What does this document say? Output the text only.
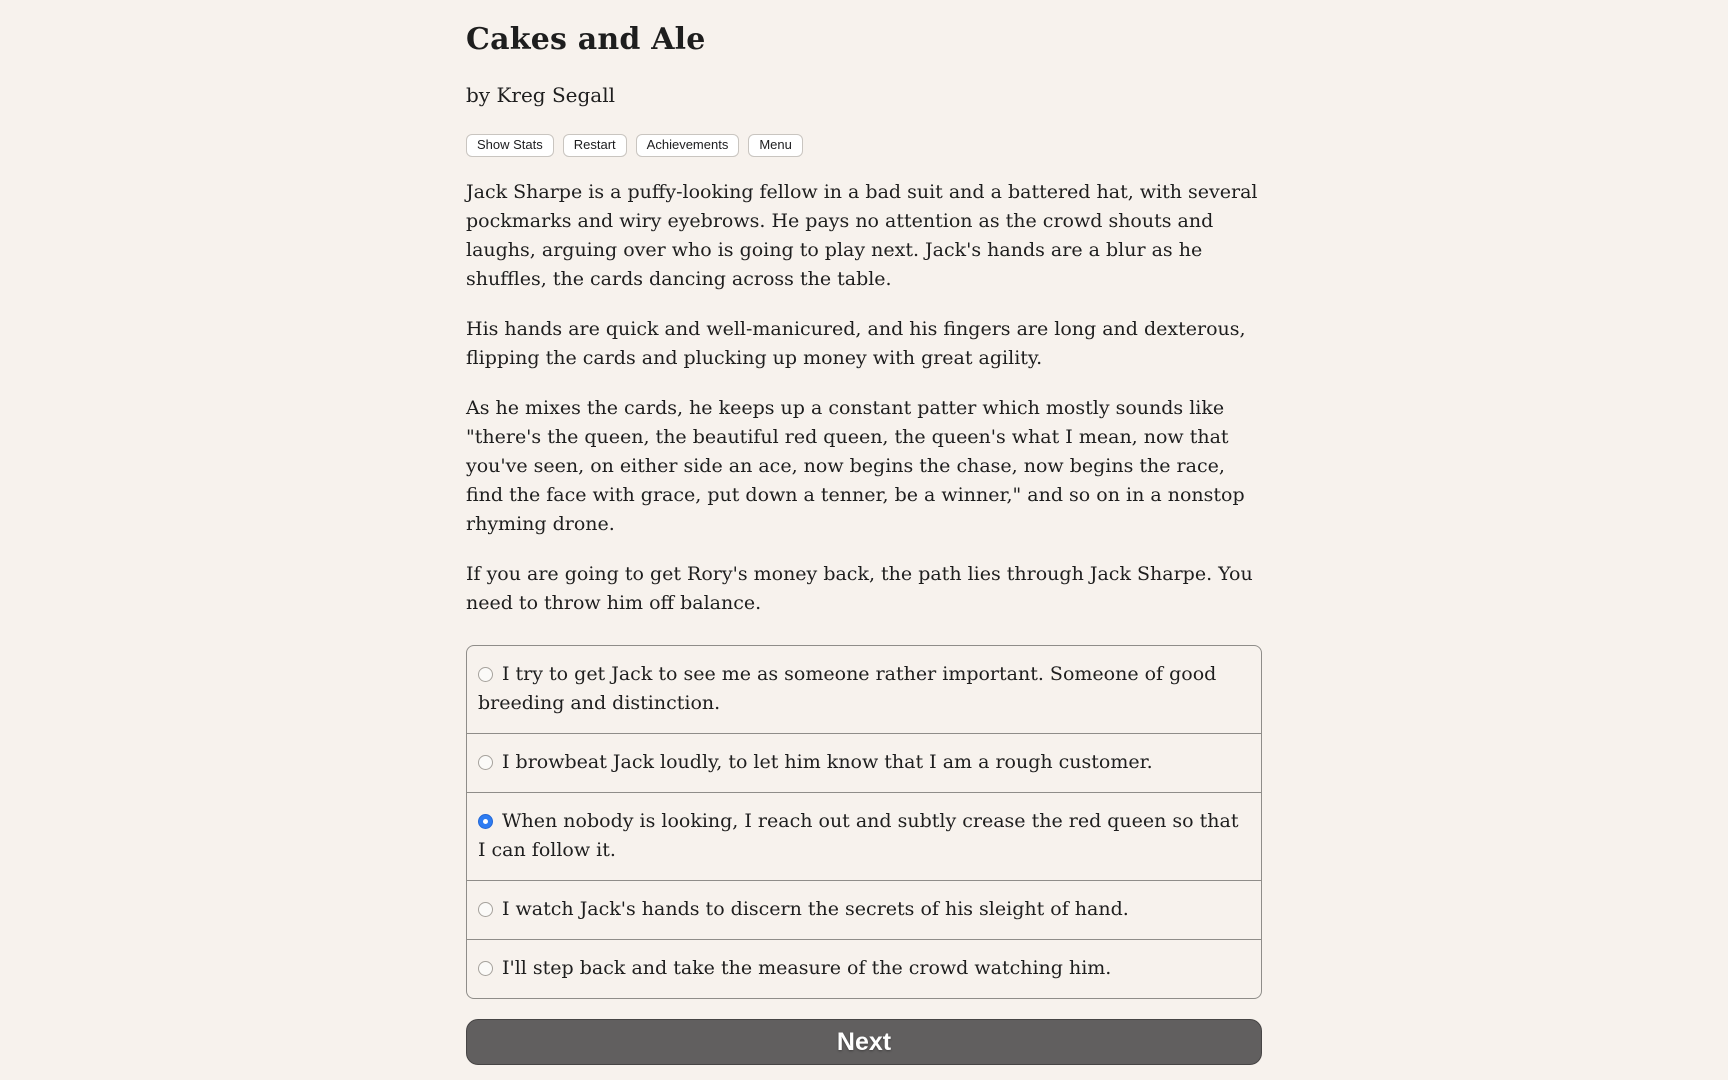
Cakes and Ale
by Kreg Segall
Show Stats	Restart	Achievements	Menu

Jack Sharpe is a puffy-looking fellow in a bad suit and a battered hat, with several pockmarks and wiry eyebrows. He pays no attention as the crowd shouts and laughs, arguing over who is going to play next. Jack's hands are a blur as he shuffles, the cards dancing across the table.

His hands are quick and well-manicured, and his fingers are long and dexterous, flipping the cards and plucking up money with great agility.

As he mixes the cards, he keeps up a constant patter which mostly sounds like "there's the queen, the beautiful red queen, the queen's what I mean, now that you've seen, on either side an ace, now begins the chase, now begins the race, find the face with grace, put down a tenner, be a winner," and so on in a nonstop rhyming drone.

If you are going to get Rory's money back, the path lies through Jack Sharpe. You need to throw him off balance.

I try to get Jack to see me as someone rather important. Someone of good breeding and distinction.
I browbeat Jack loudly, to let him know that I am a rough customer.
When nobody is looking, I reach out and subtly crease the red queen so that I can follow it.
I watch Jack's hands to discern the secrets of his sleight of hand.
I'll step back and take the measure of the crowd watching him.
Next
